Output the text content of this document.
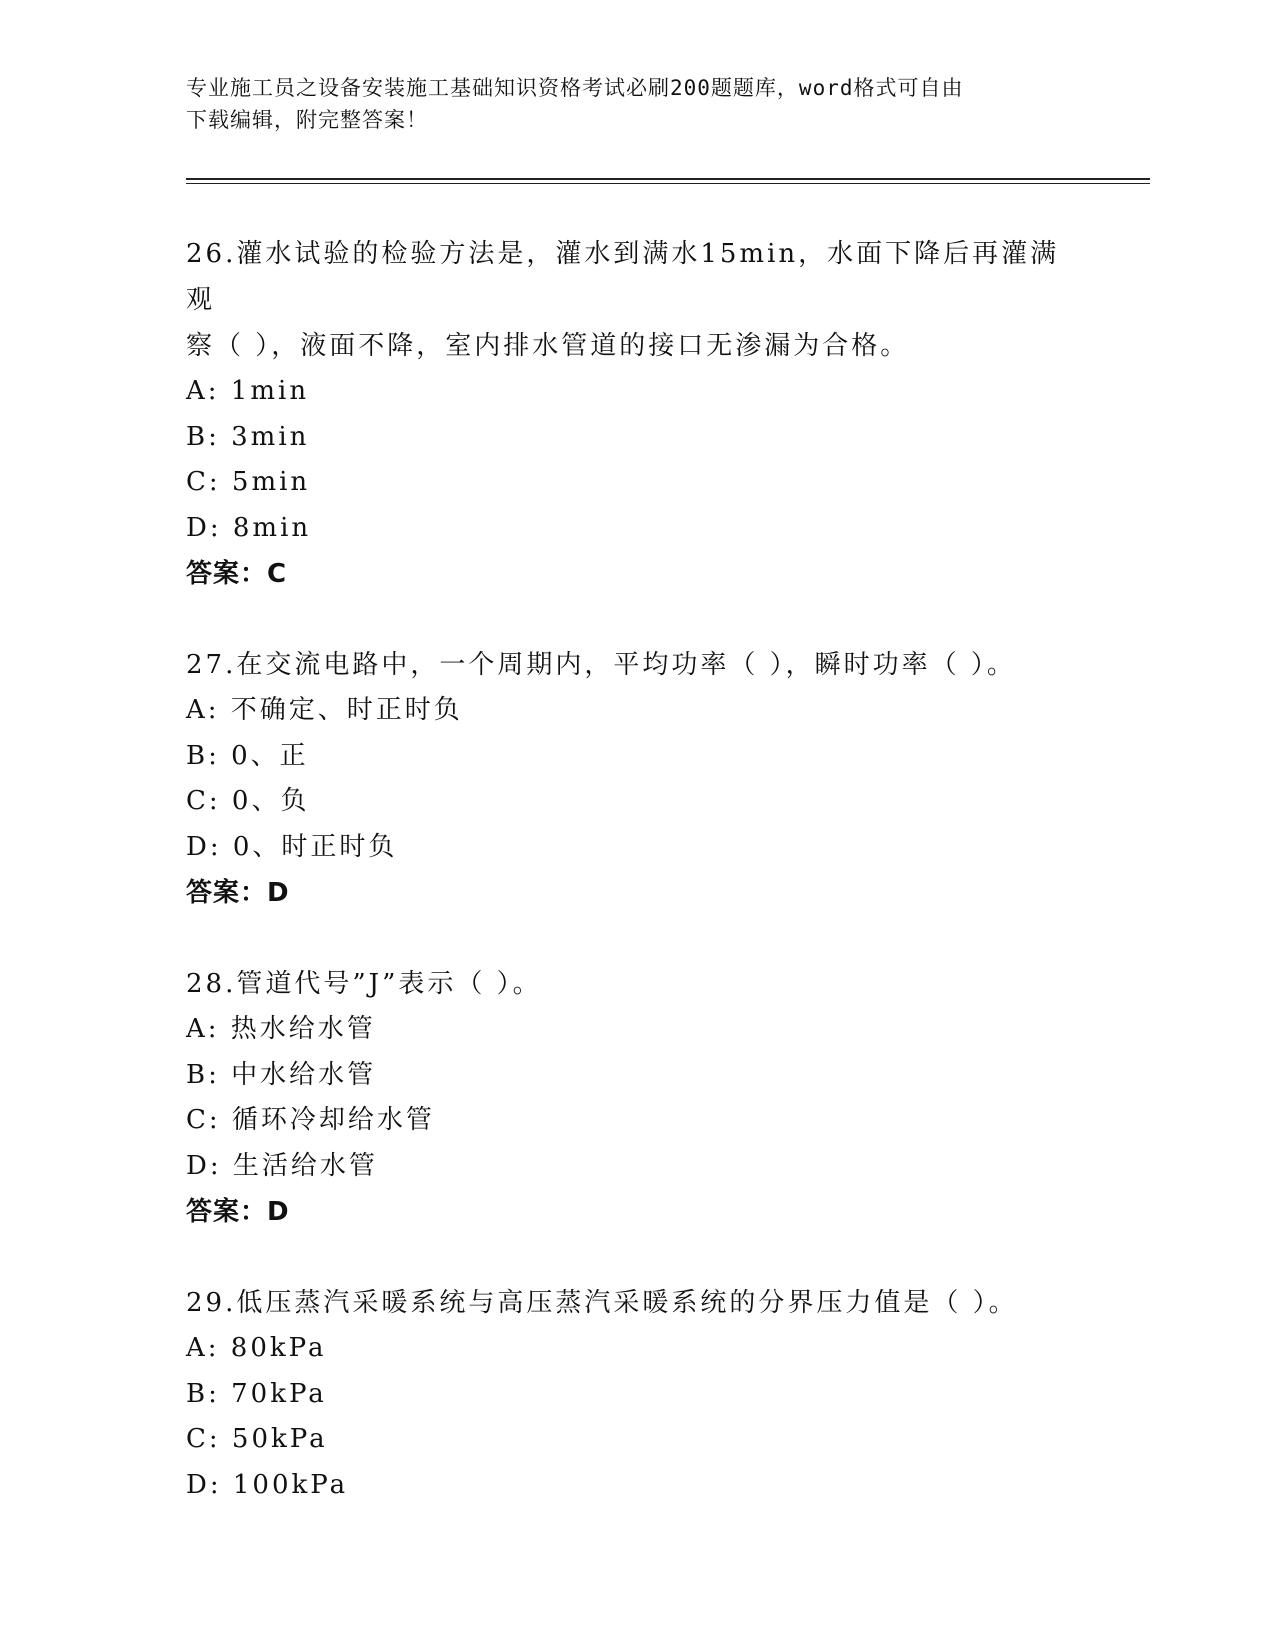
专业施工员之设备安装施工基础知识资格考试必刷200题题库，word格式可自由
下载编辑，附完整答案！
26.灌水试验的检验方法是，灌水到满水15min，水面下降后再灌满观
察（ ），液面不降，室内排水管道的接口无渗漏为合格。
A: 1min
B: 3min
C: 5min
D: 8min
答案：C
27.在交流电路中，一个周期内，平均功率（ ），瞬时功率（ ）。
A: 不确定、时正时负
B: 0、正
C: 0、负
D: 0、时正时负
答案：D
28.管道代号”J”表示（ ）。
A: 热水给水管
B: 中水给水管
C: 循环冷却给水管
D: 生活给水管
答案：D
29.低压蒸汽采暖系统与高压蒸汽采暖系统的分界压力值是（ ）。
A: 80kPa
B: 70kPa
C: 50kPa
D: 100kPa
